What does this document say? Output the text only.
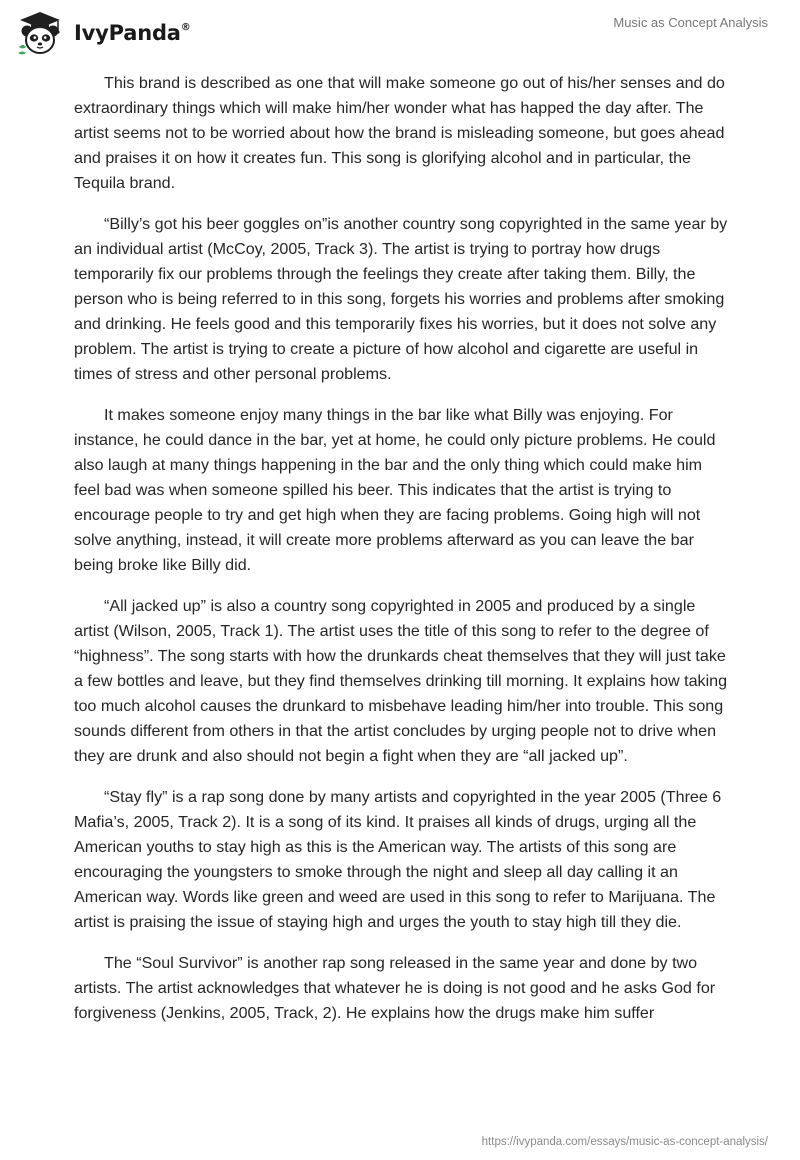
IvyPanda®	Music as Concept Analysis

This brand is described as one that will make someone go out of his/her senses and do extraordinary things which will make him/her wonder what has happed the day after. The artist seems not to be worried about how the brand is misleading someone, but goes ahead and praises it on how it creates fun. This song is glorifying alcohol and in particular, the Tequila brand.

“Billy’s got his beer goggles on”is another country song copyrighted in the same year by an individual artist (McCoy, 2005, Track 3). The artist is trying to portray how drugs temporarily fix our problems through the feelings they create after taking them. Billy, the person who is being referred to in this song, forgets his worries and problems after smoking and drinking. He feels good and this temporarily fixes his worries, but it does not solve any problem. The artist is trying to create a picture of how alcohol and cigarette are useful in times of stress and other personal problems.

It makes someone enjoy many things in the bar like what Billy was enjoying. For instance, he could dance in the bar, yet at home, he could only picture problems. He could also laugh at many things happening in the bar and the only thing which could make him feel bad was when someone spilled his beer. This indicates that the artist is trying to encourage people to try and get high when they are facing problems. Going high will not solve anything, instead, it will create more problems afterward as you can leave the bar being broke like Billy did.

“All jacked up” is also a country song copyrighted in 2005 and produced by a single artist (Wilson, 2005, Track 1). The artist uses the title of this song to refer to the degree of “highness”. The song starts with how the drunkards cheat themselves that they will just take a few bottles and leave, but they find themselves drinking till morning. It explains how taking too much alcohol causes the drunkard to misbehave leading him/her into trouble. This song sounds different from others in that the artist concludes by urging people not to drive when they are drunk and also should not begin a fight when they are “all jacked up”.

“Stay fly” is a rap song done by many artists and copyrighted in the year 2005 (Three 6 Mafia’s, 2005, Track 2). It is a song of its kind. It praises all kinds of drugs, urging all the American youths to stay high as this is the American way. The artists of this song are encouraging the youngsters to smoke through the night and sleep all day calling it an American way. Words like green and weed are used in this song to refer to Marijuana. The artist is praising the issue of staying high and urges the youth to stay high till they die.

The “Soul Survivor” is another rap song released in the same year and done by two artists. The artist acknowledges that whatever he is doing is not good and he asks God for forgiveness (Jenkins, 2005, Track, 2). He explains how the drugs make him suffer

https://ivypanda.com/essays/music-as-concept-analysis/
